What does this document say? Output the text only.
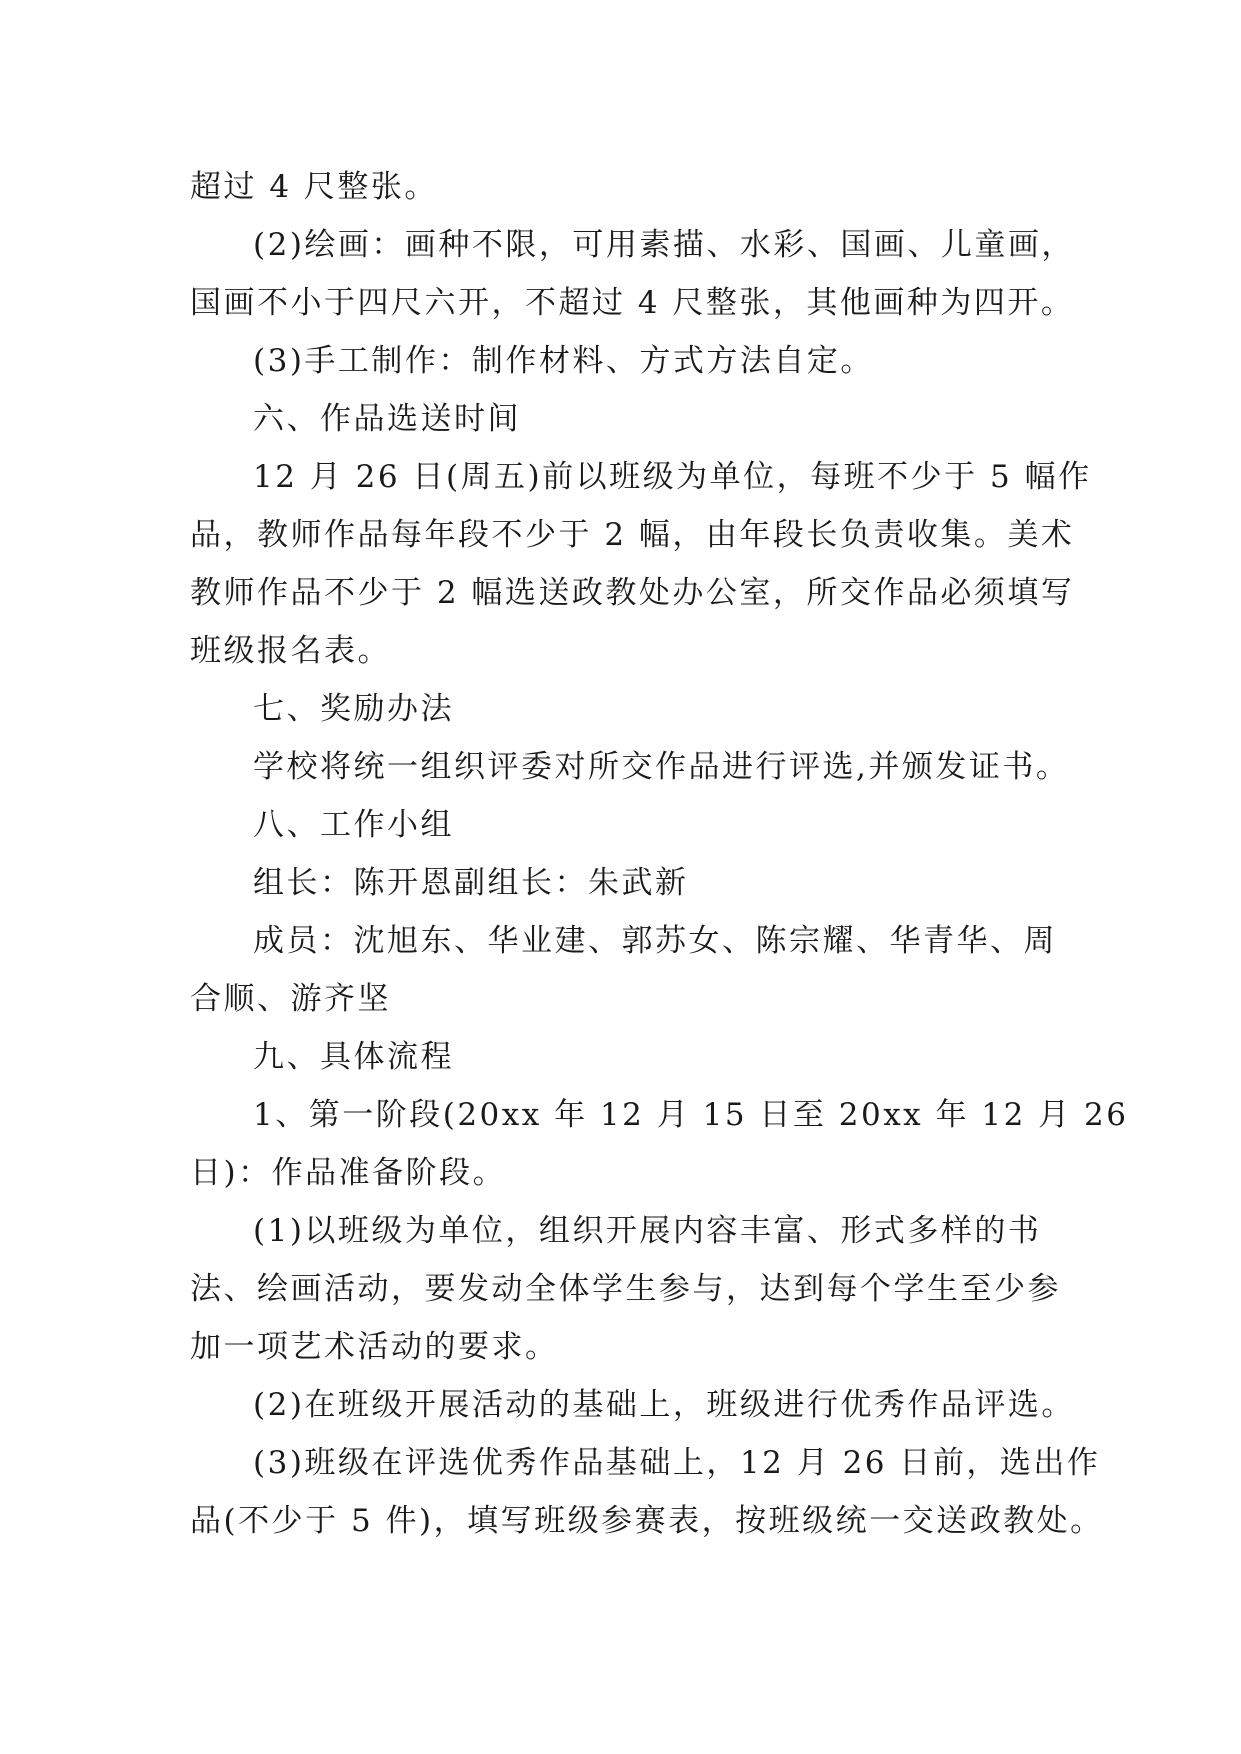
超过 4 尺整张。
(2)绘画：画种不限，可用素描、水彩、国画、儿童画，
国画不小于四尺六开，不超过 4 尺整张，其他画种为四开。
(3)手工制作：制作材料、方式方法自定。
六、作品选送时间
12 月 26 日(周五)前以班级为单位，每班不少于 5 幅作
品，教师作品每年段不少于 2 幅，由年段长负责收集。美术
教师作品不少于 2 幅选送政教处办公室，所交作品必须填写
班级报名表。
七、奖励办法
学校将统一组织评委对所交作品进行评选,并颁发证书。
八、工作小组
组长：陈开恩副组长：朱武新
成员：沈旭东、华业建、郭苏女、陈宗耀、华青华、周
合顺、游齐坚
九、具体流程
1、第一阶段(20xx 年 12 月 15 日至 20xx 年 12 月 26
日)：作品准备阶段。
(1)以班级为单位，组织开展内容丰富、形式多样的书
法、绘画活动，要发动全体学生参与，达到每个学生至少参
加一项艺术活动的要求。
(2)在班级开展活动的基础上，班级进行优秀作品评选。
(3)班级在评选优秀作品基础上，12 月 26 日前，选出作
品(不少于 5 件)，填写班级参赛表，按班级统一交送政教处。
